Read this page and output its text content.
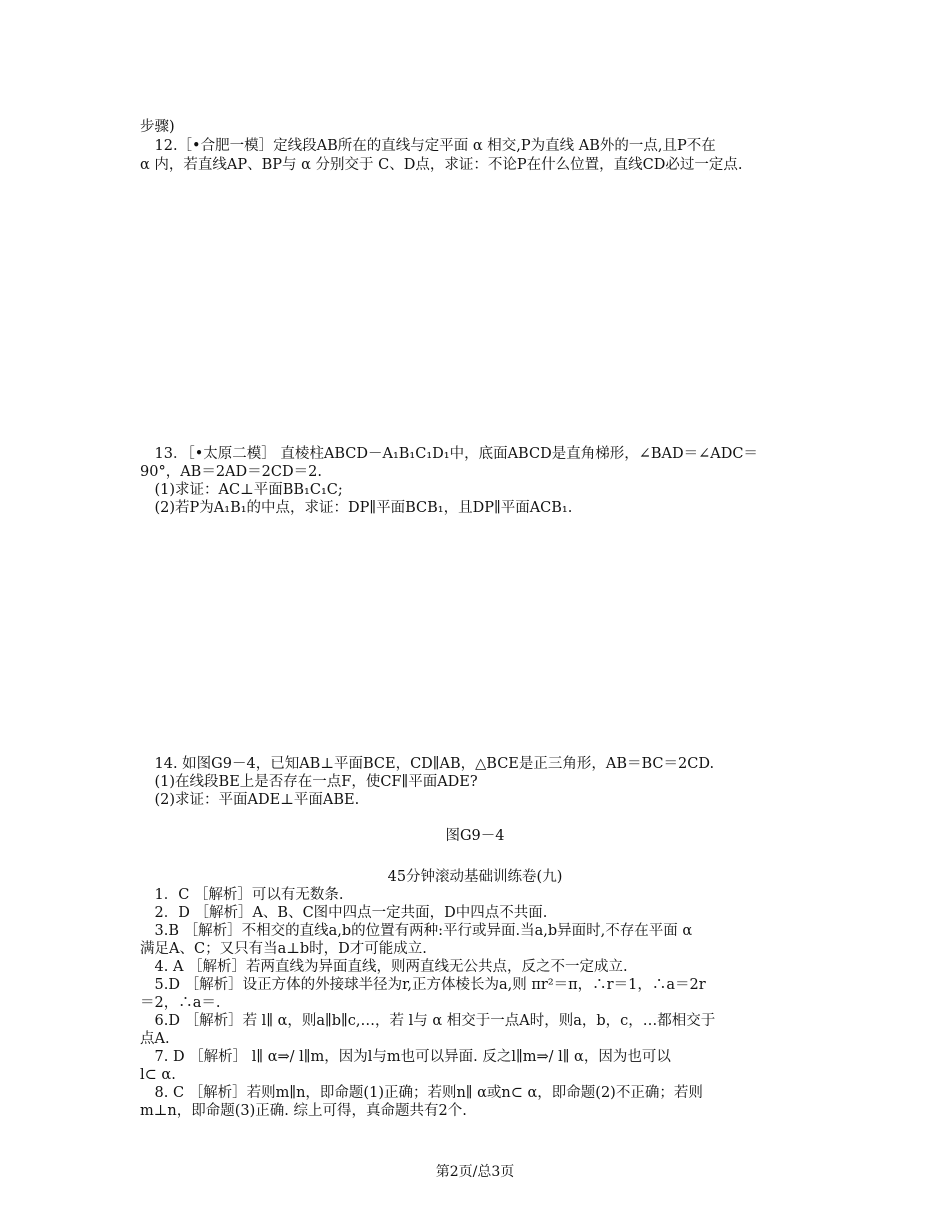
步骤)
　12.［•合肥一模］定线段AB所在的直线与定平面 α 相交,P为直线 AB外的一点,且P不在
α 内，若直线AP、BP与 α 分别交于 C、D点，求证：不论P在什么位置，直线CD必过一定点.
　13．［•太原二模］ 直棱柱ABCD－A₁B₁C₁D₁中，底面ABCD是直角梯形，∠BAD＝∠ADC＝
90°，AB＝2AD＝2CD＝2.
　(1)求证：AC⊥平面BB₁C₁C;
　(2)若P为A₁B₁的中点，求证：DP∥平面BCB₁，且DP∥平面ACB₁.
　14. 如图G9－4，已知AB⊥平面BCE，CD∥AB，△BCE是正三角形，AB＝BC＝2CD.
　(1)在线段BE上是否存在一点F，使CF∥平面ADE?
　(2)求证：平面ADE⊥平面ABE.
图G9－4
45分钟滚动基础训练卷(九)
　1．C ［解析］可以有无数条.
　2．D ［解析］A、B、C图中四点一定共面，D中四点不共面.
　3.B ［解析］不相交的直线a,b的位置有两种:平行或异面.当a,b异面时,不存在平面 α
满足A、C；又只有当a⊥b时，D才可能成立.
　4. A ［解析］若两直线为异面直线，则两直线无公共点，反之不一定成立.
　5.D ［解析］设正方体的外接球半径为r,正方体棱长为a,则 πr²＝π，∴r＝1，∴a＝2r
＝2，∴a＝.
　6.D ［解析］若 l∥ α，则a∥b∥c,…，若 l与 α 相交于一点A时，则a，b，c，…都相交于
点A.
　7. D ［解析］ l∥ α⇒/ l∥m，因为l与m也可以异面. 反之l∥m⇒/ l∥ α，因为也可以
l⊂ α.
　8. C ［解析］若则m∥n，即命题(1)正确；若则n∥ α或n⊂ α，即命题(2)不正确；若则
m⊥n，即命题(3)正确. 综上可得，真命题共有2个.
第2页/总3页
